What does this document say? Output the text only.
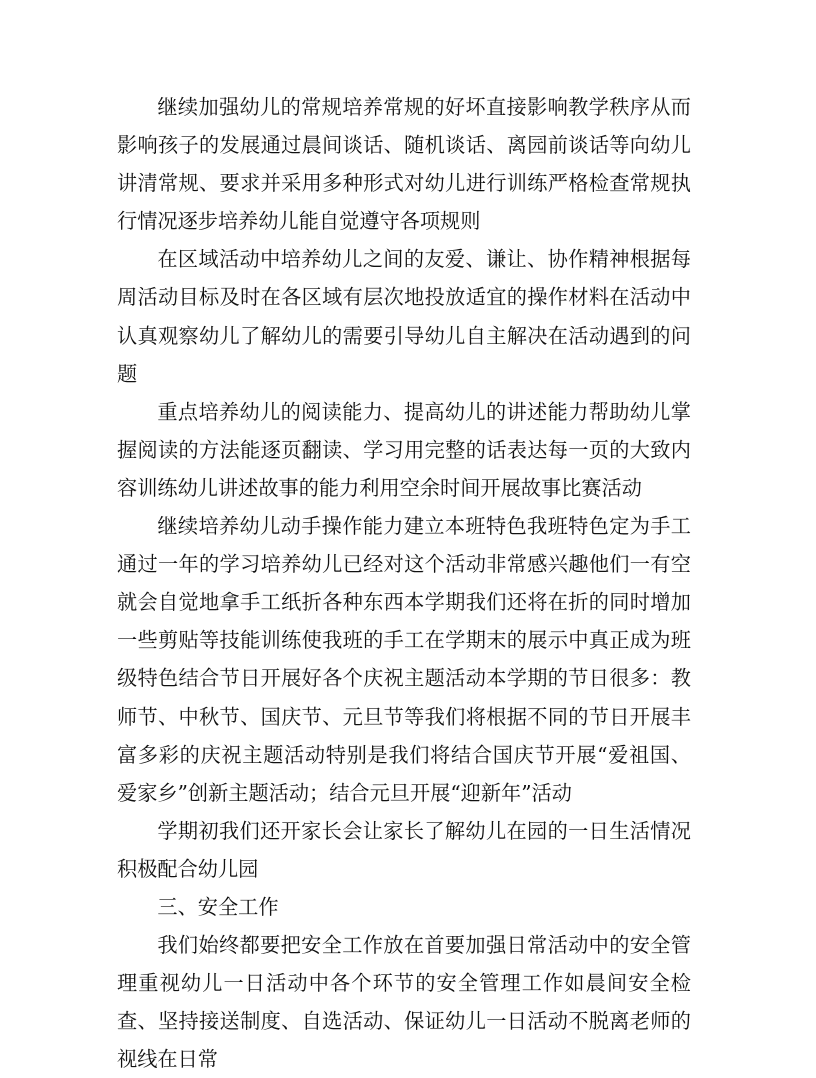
继续加强幼儿的常规培养常规的好坏直接影响教学秩序从而影响孩子的发展通过晨间谈话、随机谈话、离园前谈话等向幼儿讲清常规、要求并采用多种形式对幼儿进行训练严格检查常规执行情况逐步培养幼儿能自觉遵守各项规则

在区域活动中培养幼儿之间的友爱、谦让、协作精神根据每周活动目标及时在各区域有层次地投放适宜的操作材料在活动中认真观察幼儿了解幼儿的需要引导幼儿自主解决在活动遇到的问题

重点培养幼儿的阅读能力、提高幼儿的讲述能力帮助幼儿掌握阅读的方法能逐页翻读、学习用完整的话表达每一页的大致内容训练幼儿讲述故事的能力利用空余时间开展故事比赛活动

继续培养幼儿动手操作能力建立本班特色我班特色定为手工通过一年的学习培养幼儿已经对这个活动非常感兴趣他们一有空就会自觉地拿手工纸折各种东西本学期我们还将在折的同时增加一些剪贴等技能训练使我班的手工在学期末的展示中真正成为班级特色结合节日开展好各个庆祝主题活动本学期的节日很多：教师节、中秋节、国庆节、元旦节等我们将根据不同的节日开展丰富多彩的庆祝主题活动特别是我们将结合国庆节开展“爱祖国、爱家乡”创新主题活动；结合元旦开展“迎新年”活动

学期初我们还开家长会让家长了解幼儿在园的一日生活情况积极配合幼儿园

三、安全工作

我们始终都要把安全工作放在首要加强日常活动中的安全管理重视幼儿一日活动中各个环节的安全管理工作如晨间安全检查、坚持接送制度、自选活动、保证幼儿一日活动不脱离老师的视线在日常
